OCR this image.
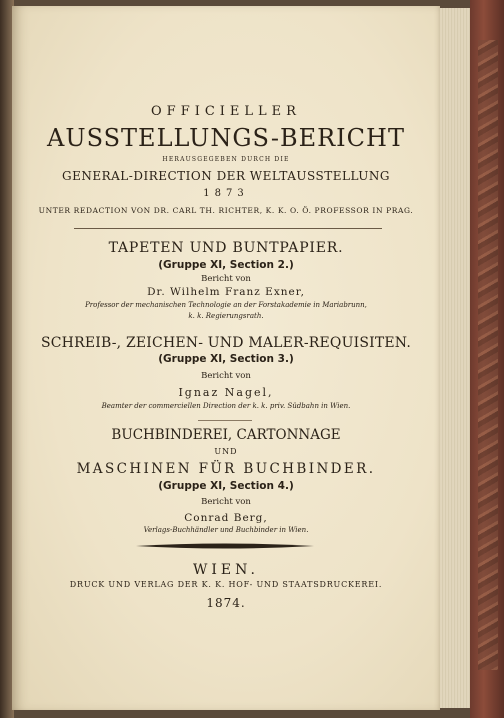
OFFICIELLER
AUSSTELLUNGS-BERICHT
HERAUSGEGEBEN DURCH DIE
GENERAL-DIRECTION DER WELTAUSSTELLUNG
1873
UNTER REDACTION VON DR. CARL TH. RICHTER, K. K. O. Ö. PROFESSOR IN PRAG.
TAPETEN UND BUNTPAPIER.
(Gruppe XI, Section 2.)
Bericht von
Dr. Wilhelm Franz Exner,
Professor der mechanischen Technologie an der Forstakademie in Mariabrunn,
k. k. Regierungsrath.
SCHREIB-, ZEICHEN- UND MALER-REQUISITEN.
(Gruppe XI, Section 3.)
Bericht von
Ignaz Nagel,
Beamter der commerciellen Direction der k. k. priv. Südbahn in Wien.
BUCHBINDEREI, CARTONNAGE
UND
MASCHINEN FÜR BUCHBINDER.
(Gruppe XI, Section 4.)
Bericht von
Conrad Berg,
Verlags-Buchhändler und Buchbinder in Wien.
WIEN.
DRUCK UND VERLAG DER K. K. HOF- UND STAATSDRUCKEREI.
1874.
